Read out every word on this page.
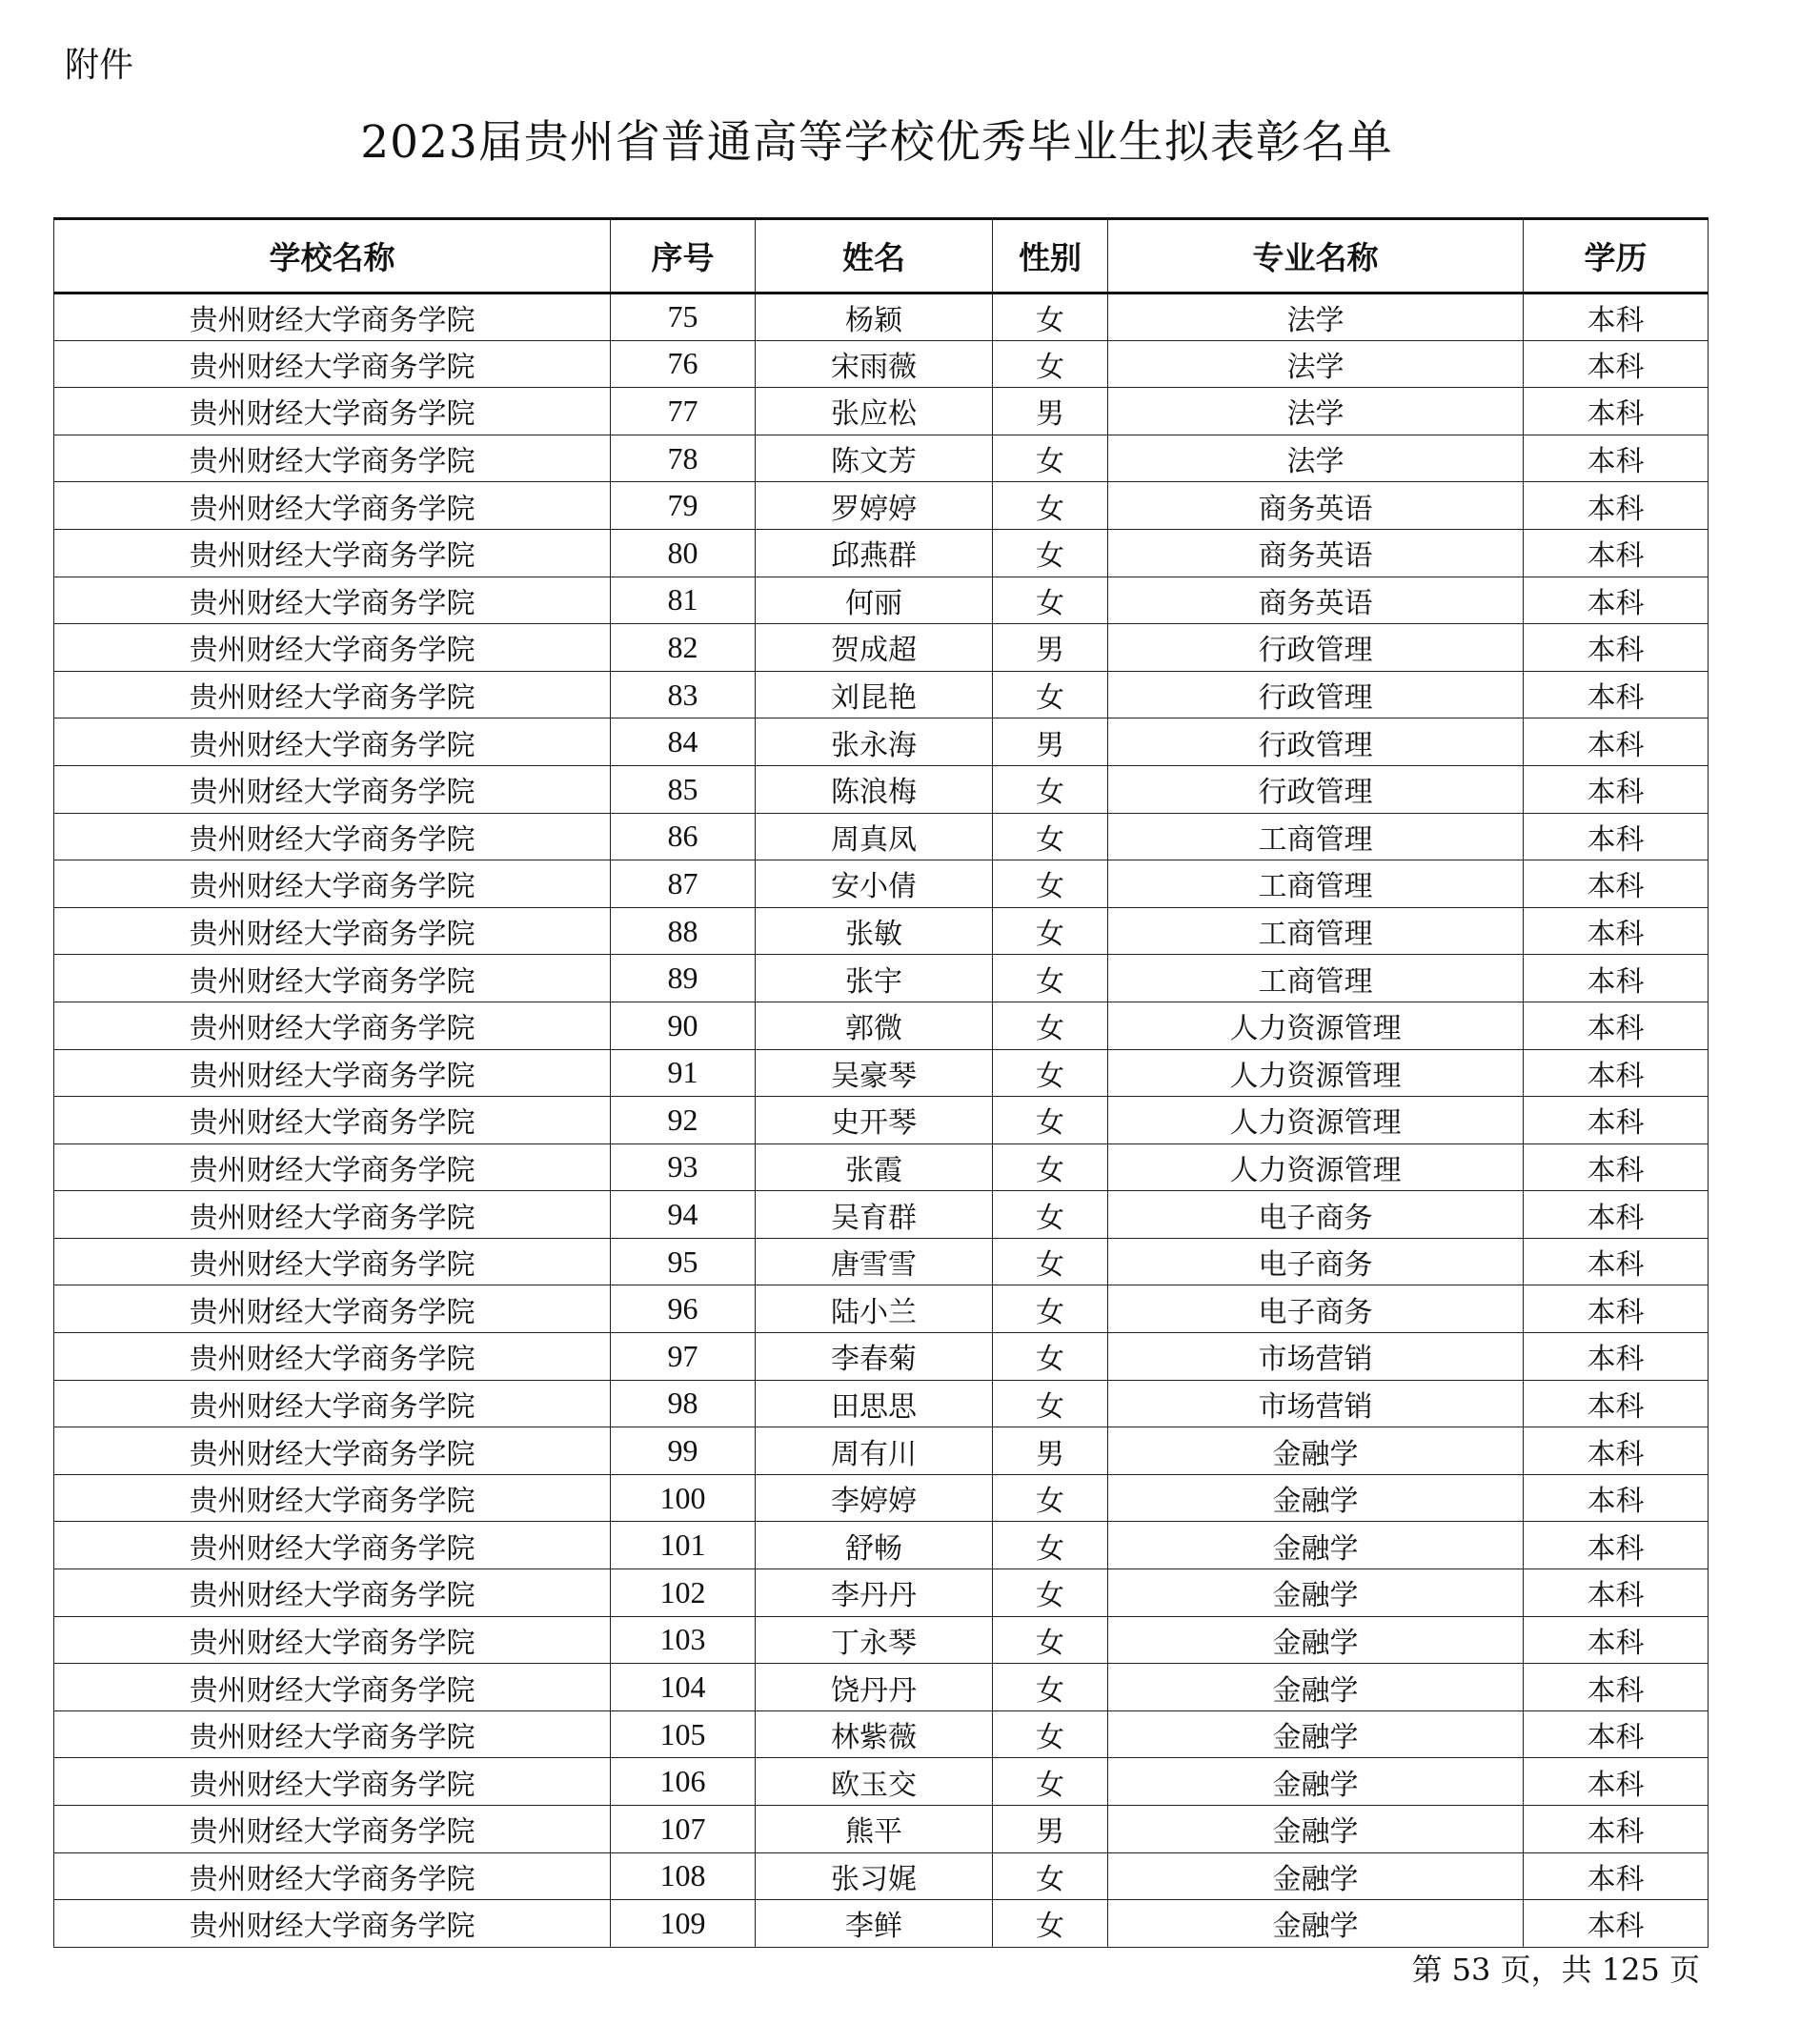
附件
2023届贵州省普通高等学校优秀毕业生拟表彰名单
学校名称	序号	姓名	性别	专业名称	学历
贵州财经大学商务学院	75	杨颖	女	法学	本科
贵州财经大学商务学院	76	宋雨薇	女	法学	本科
贵州财经大学商务学院	77	张应松	男	法学	本科
贵州财经大学商务学院	78	陈文芳	女	法学	本科
贵州财经大学商务学院	79	罗婷婷	女	商务英语	本科
贵州财经大学商务学院	80	邱燕群	女	商务英语	本科
贵州财经大学商务学院	81	何丽	女	商务英语	本科
贵州财经大学商务学院	82	贺成超	男	行政管理	本科
贵州财经大学商务学院	83	刘昆艳	女	行政管理	本科
贵州财经大学商务学院	84	张永海	男	行政管理	本科
贵州财经大学商务学院	85	陈浪梅	女	行政管理	本科
贵州财经大学商务学院	86	周真凤	女	工商管理	本科
贵州财经大学商务学院	87	安小倩	女	工商管理	本科
贵州财经大学商务学院	88	张敏	女	工商管理	本科
贵州财经大学商务学院	89	张宇	女	工商管理	本科
贵州财经大学商务学院	90	郭微	女	人力资源管理	本科
贵州财经大学商务学院	91	吴豪琴	女	人力资源管理	本科
贵州财经大学商务学院	92	史开琴	女	人力资源管理	本科
贵州财经大学商务学院	93	张霞	女	人力资源管理	本科
贵州财经大学商务学院	94	吴育群	女	电子商务	本科
贵州财经大学商务学院	95	唐雪雪	女	电子商务	本科
贵州财经大学商务学院	96	陆小兰	女	电子商务	本科
贵州财经大学商务学院	97	李春菊	女	市场营销	本科
贵州财经大学商务学院	98	田思思	女	市场营销	本科
贵州财经大学商务学院	99	周有川	男	金融学	本科
贵州财经大学商务学院	100	李婷婷	女	金融学	本科
贵州财经大学商务学院	101	舒畅	女	金融学	本科
贵州财经大学商务学院	102	李丹丹	女	金融学	本科
贵州财经大学商务学院	103	丁永琴	女	金融学	本科
贵州财经大学商务学院	104	饶丹丹	女	金融学	本科
贵州财经大学商务学院	105	林紫薇	女	金融学	本科
贵州财经大学商务学院	106	欧玉交	女	金融学	本科
贵州财经大学商务学院	107	熊平	男	金融学	本科
贵州财经大学商务学院	108	张习娓	女	金融学	本科
贵州财经大学商务学院	109	李鲜	女	金融学	本科
第 53 页，共 125 页
